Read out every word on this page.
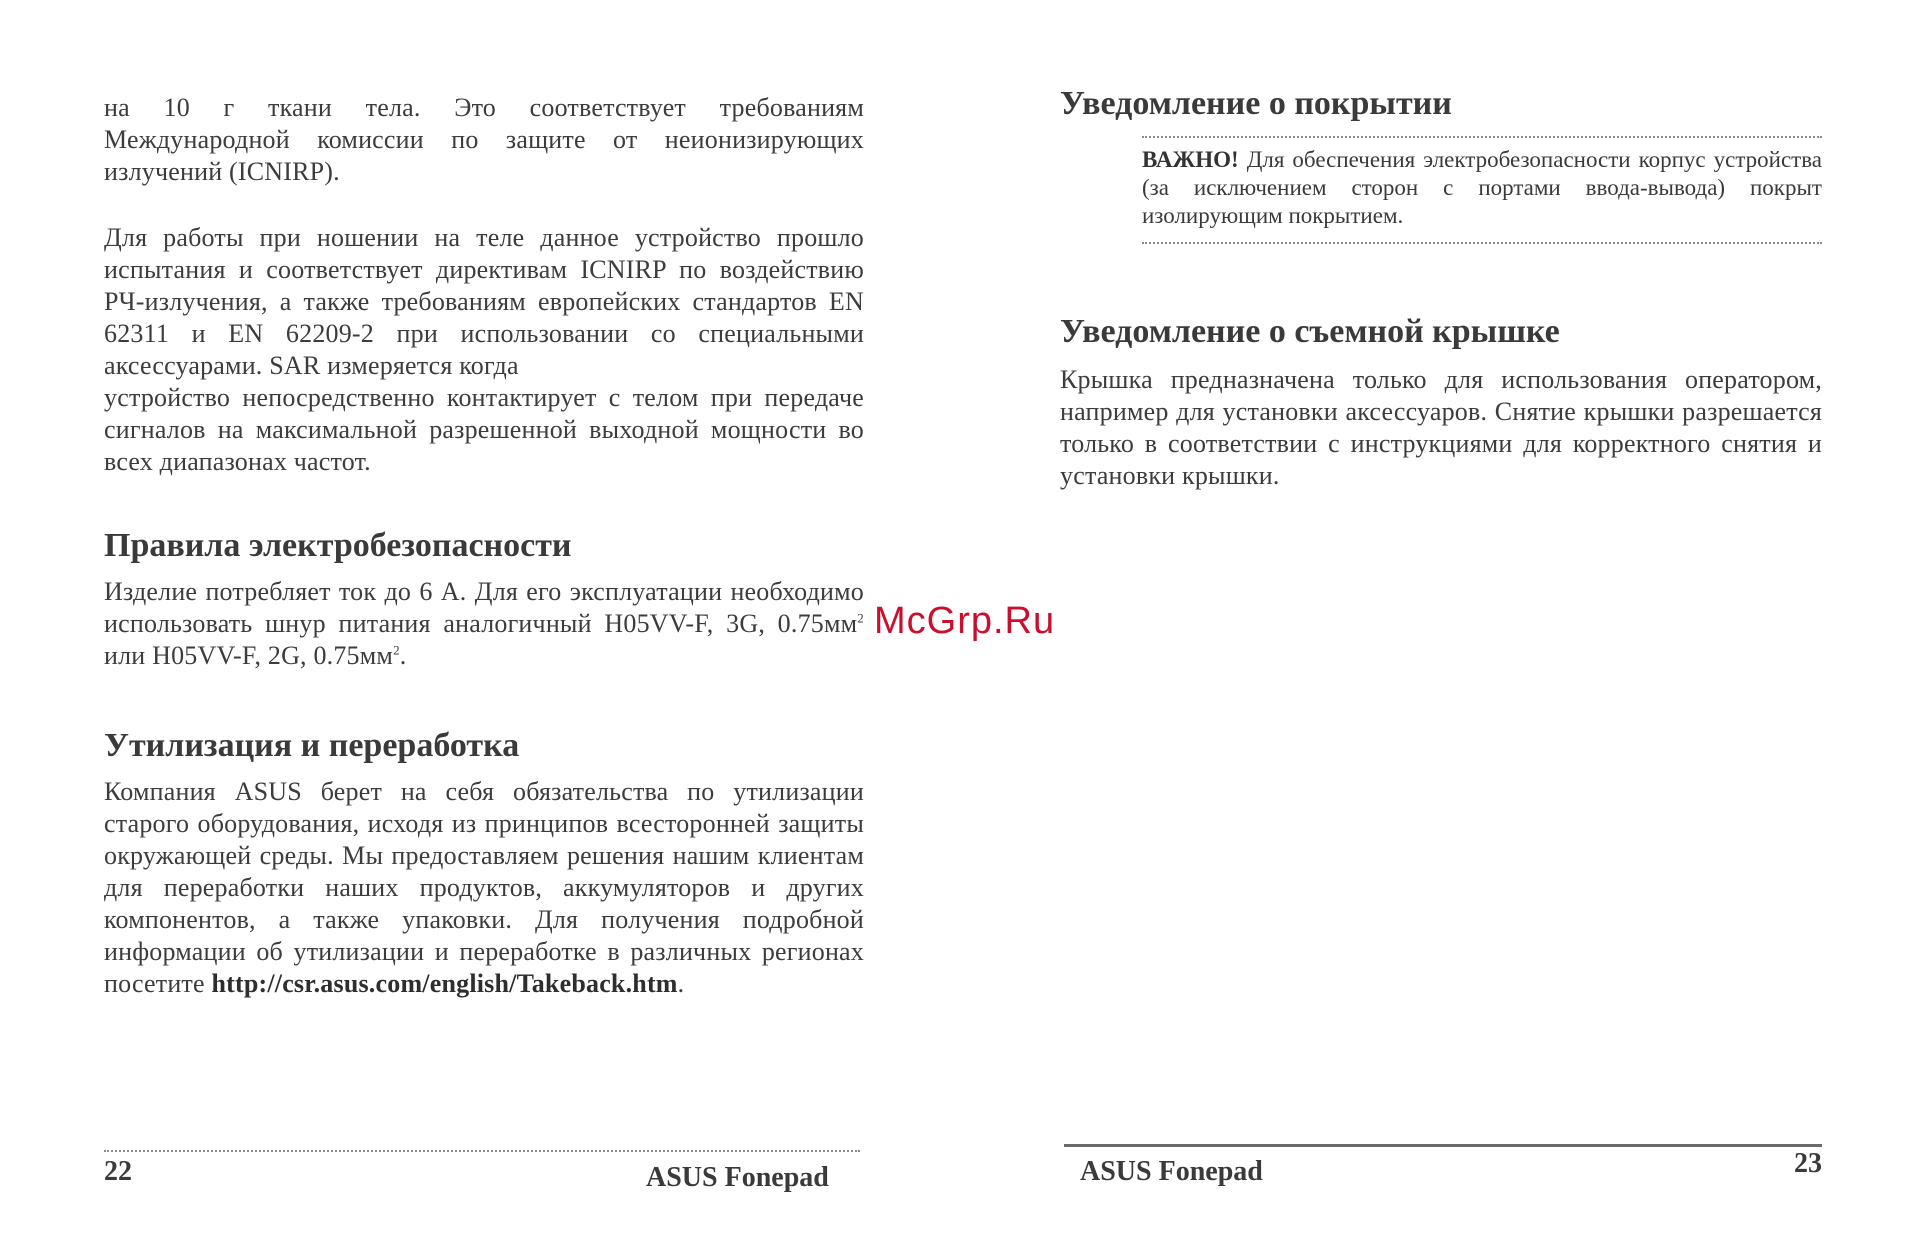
на 10 г ткани тела. Это соответствует требованиям Международной комиссии по защите от неионизирующих излучений (ICNIRP).

Для работы при ношении на теле данное устройство прошло испытания и соответствует директивам ICNIRP по воздействию РЧ-излучения, а также требованиям европейских стандартов EN 62311 и EN 62209-2 при использовании со специальными аксессуарами. SAR измеряется когда

устройство непосредственно контактирует с телом при передаче сигналов на максимальной разрешенной выходной мощности во всех диапазонах частот.

Правила электробезопасности

Изделие потребляет ток до 6 A. Для его эксплуатации необходимо использовать шнур питания аналогичный H05VV-F, 3G, $0.75мм^2$ или H05VV-F, 2G, $0.75мм^2$.

Утилизация и переработка

Компания ASUS берет на себя обязательства по утилизации старого оборудования, исходя из принципов всесторонней защиты окружающей среды. Мы предоставляем решения нашим клиентам для переработки наших продуктов, аккумуляторов и других компонентов, а также упаковки. Для получения подробной информации об утилизации и переработке в различных регионах посетите http://csr.asus.com/english/Takeback.htm.

22	ASUS Fonepad
Уведомление о покрытии

ВАЖНО! Для обеспечения электробезопасности корпус устройства (за исключением сторон с портами ввода-вывода) покрыт изолирующим покрытием.

Уведомление о съемной крышке

Крышка предназначена только для использования оператором, например для установки аксессуаров. Снятие крышки разрешается только в соответствии с инструкциями для корректного снятия и установки крышки.

ASUS Fonepad	23
McGrp.Ru
